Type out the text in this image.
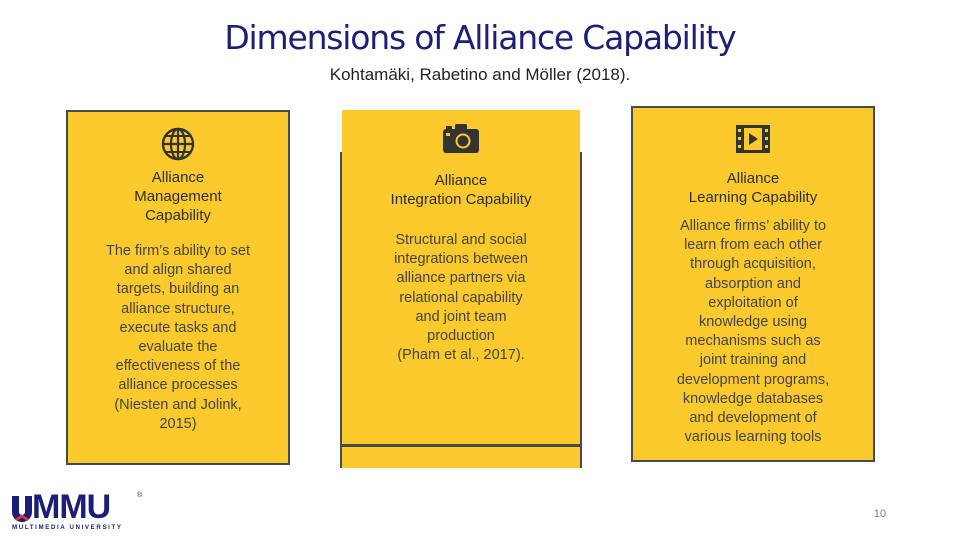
Dimensions of Alliance Capability
Kohtamäki, Rabetino and Möller (2018).
Alliance
Management
Capability
The firm’s ability to set
and align shared
targets, building an
alliance structure,
execute tasks and
evaluate the
effectiveness of the
alliance processes
(Niesten and Jolink,
2015)
Alliance
Integration Capability
Structural and social
integrations between
alliance partners via
relational capability
and joint team
production
(Pham et al., 2017).
Alliance
Learning Capability
Alliance firms’ ability to
learn from each other
through acquisition,
absorption and
exploitation of
knowledge using
mechanisms such as
joint training and
development programs,
knowledge databases
and development of
various learning tools
MMU
MULTIMEDIA UNIVERSITY
®
10
